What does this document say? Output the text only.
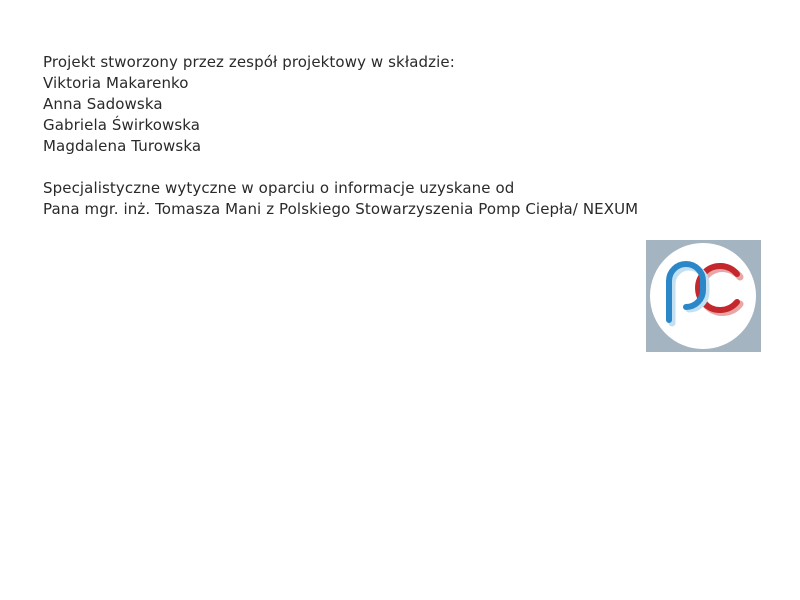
Projekt stworzony przez zespół projektowy w składzie:
Viktoria Makarenko
Anna Sadowska
Gabriela Świrkowska
Magdalena Turowska
Specjalistyczne wytyczne w oparciu o informacje uzyskane od
Pana mgr. inż. Tomasza Mani z Polskiego Stowarzyszenia Pomp Ciepła/ NEXUM
